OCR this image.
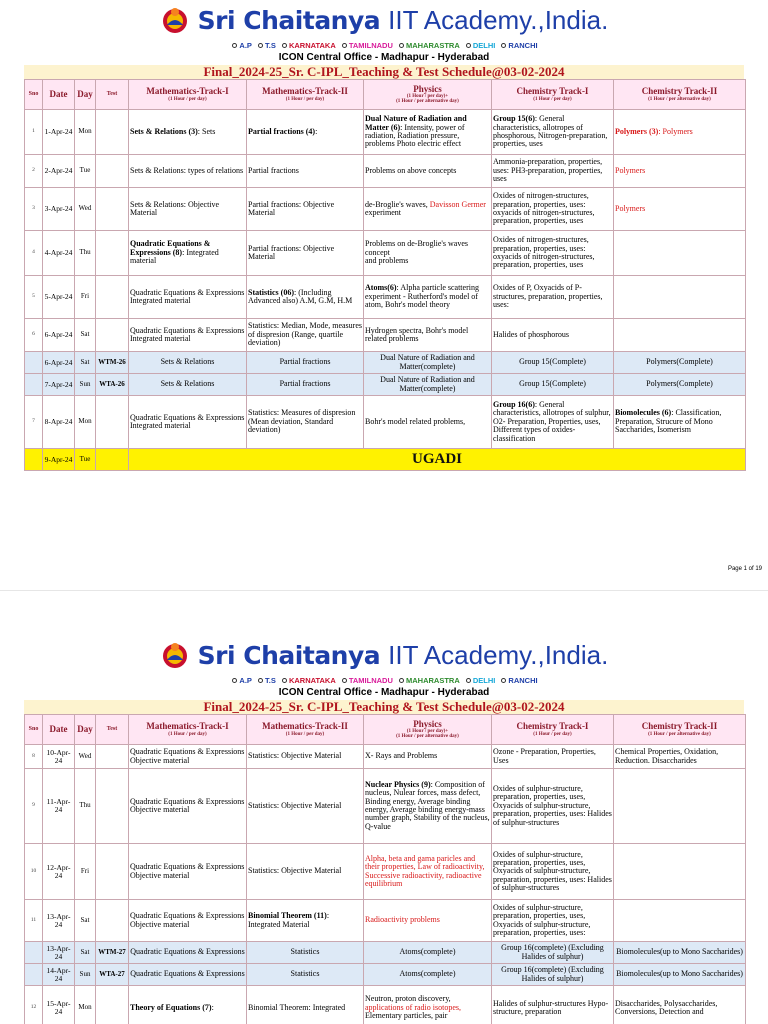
Sri Chaitanya IIT Academy.,India.
A.P T.S KARNATAKA TAMILNADU MAHARASTRA DELHI RANCHI
ICON Central Office - Madhapur - Hyderabad
Final_2024-25_Sr. C-IPL_Teaching & Test Schedule@03-02-2024
Sno	Date	Day	Test	Mathematics-Track-I
(1 Hour / per day)	Mathematics-Track-II
(1 Hour / per day)	Physics
(1 Hour / per day)+
(1 Hour / per alternative day)	Chemistry Track-I
(1 Hour / per day)	Chemistry Track-II
(1 Hour / per alternative day)

1	1-Apr-24	Mon		Sets & Relations (3): Sets	Partial fractions (4):	Dual Nature of Radiation and Matter (6): Intensity, power of radiation, Radiation pressure, problems Photo electric effect	Group 15(6): General characteristics, allotropes of phosphorous, Nitrogen-preparation, properties, uses	Polymers (3): Polymers
2	2-Apr-24	Tue		Sets & Relations: types of relations	Partial fractions	Problems on above concepts	Ammonia-preparation, properties, uses: PH3-preparation, properties, uses	Polymers
3	3-Apr-24	Wed		Sets & Relations: Objective Material	Partial fractions: Objective Material	de-Broglie's waves, Davisson Germer experiment	Oxides of nitrogen-structures, preparation, properties, uses: oxyacids of nitrogen-structures, preparation, properties, uses	Polymers
4	4-Apr-24	Thu		Quadratic Equations & Expressions (8): Integrated material	Partial fractions: Objective Material	Problems on de-Broglie's waves concept
and problems	Oxides of nitrogen-structures, preparation, properties, uses: oxyacids of nitrogen-structures, preparation, properties, uses	
5	5-Apr-24	Fri		Quadratic Equations & Expressions Integrated material	Statistics (06): (Including Advanced also) A.M, G.M, H.M	Atoms(6): Alpha particle scattering experiment - Rutherford's model of atom, Bohr's model theory	Oxides of P, Oxyacids of P-structures, preparation, properties, uses:	
6	6-Apr-24	Sat		Quadratic Equations & Expressions Integrated material	Statistics: Median, Mode, measures of dispresion (Range, quartile deviation)	Hydrogen spectra, Bohr's model related problems	Halides of phosphorous	
	6-Apr-24	Sat	WTM-26	Sets & Relations	Partial fractions	Dual Nature of Radiation and Matter(complete)	Group 15(Complete)	Polymers(Complete)
	7-Apr-24	Sun	WTA-26	Sets & Relations	Partial fractions	Dual Nature of Radiation and Matter(complete)	Group 15(Complete)	Polymers(Complete)
7	8-Apr-24	Mon		Quadratic Equations & Expressions Integrated material	Statistics: Measures of dispresion (Mean deviation, Standard deviation)	Bohr's model related problems,	Group 16(6): General characteristics, allotropes of sulphur, O2- Preparation, Properties, uses, Different types of oxides- classification	Biomolecules (6): Classification, Preparation, Strucure of Mono Saccharides, Isomerism
	9-Apr-24	Tue		UGADI				
Page 1 of 19
Sri Chaitanya IIT Academy.,India.
A.P T.S KARNATAKA TAMILNADU MAHARASTRA DELHI RANCHI
ICON Central Office - Madhapur - Hyderabad
Final_2024-25_Sr. C-IPL_Teaching & Test Schedule@03-02-2024
Sno	Date	Day	Test	Mathematics-Track-I
(1 Hour / per day)	Mathematics-Track-II
(1 Hour / per day)	Physics
(1 Hour / per day)+
(1 Hour / per alternative day)	Chemistry Track-I
(1 Hour / per day)	Chemistry Track-II
(1 Hour / per alternative day)

8	10-Apr-24	Wed		Quadratic Equations & Expressions Objective material	Statistics: Objective Material	X- Rays and Problems	Ozone - Preparation, Properties, Uses	Chemical Properties, Oxidation, Reduction. Disaccharides
9	11-Apr-24	Thu		Quadratic Equations & Expressions Objective material	Statistics: Objective Material	Nuclear Physics (9): Composition of nucleus, Nulear forces, mass defect, Binding energy, Average binding energy, Average binding energy-mass number graph, Stability of the nucleus, Q-value	Oxides of sulphur-structure, preparation, properties, uses, Oxyacids of sulphur-structure, preparation, properties, uses: Halides of sulphur-structures	
10	12-Apr-24	Fri		Quadratic Equations & Expressions Objective material	Statistics: Objective Material	Alpha, beta and gama paricles and their properties, Law of radioactivity, Successive radioactivity, radioactive equilibrium	Oxides of sulphur-structure, preparation, properties, uses, Oxyacids of sulphur-structure, preparation, properties, uses: Halides of sulphur-structures	
11	13-Apr-24	Sat		Quadratic Equations & Expressions Objective material	Binomial Theorem (11): Integrated Material	Radioactivity problems	Oxides of sulphur-structure, preparation, properties, uses, Oxyacids of sulphur-structure, preparation, properties, uses:	
	13-Apr-24	Sat	WTM-27	Quadratic Equations & Expressions	Statistics	Atoms(complete)	Group 16(complete) (Excluding Halides of sulphur)	Biomolecules(up to Mono Saccharides)
	14-Apr-24	Sun	WTA-27	Quadratic Equations & Expressions	Statistics	Atoms(complete)	Group 16(complete) (Excluding Halides of sulphur)	Biomolecules(up to Mono Saccharides)
12	15-Apr-24	Mon		Theory of Equations (7):	Binomial Theorem: Integrated	Neutron, proton discovery, applications of radio isotopes, Elementary particles, pair	Halides of sulphur-structures Hypo- structure, preparation	Disaccharides, Polysaccharides, Conversions, Detection and
